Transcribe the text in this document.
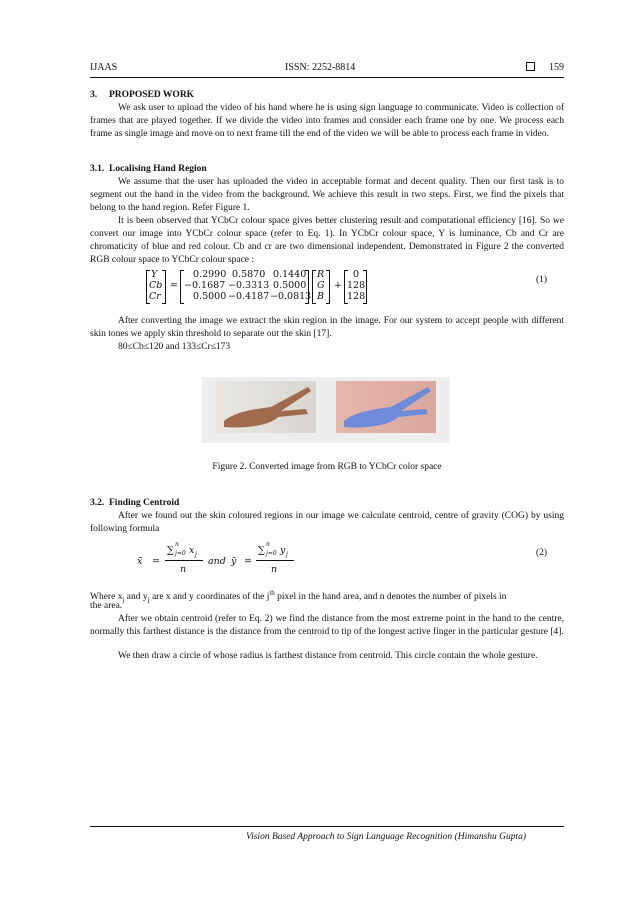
IJAAS	ISSN: 2252-8814	159
3.     PROPOSED WORK
We ask user to upload the video of his hand where he is using sign language to communicate. Video is collection of frames that are played together. If we divide the video into frames and consider each frame one by one. We process each frame as single image and move on to next frame till the end of the video we will be able to process each frame in video.
3.1.  Localising Hand Region
We assume that the user has uploaded the video in acceptable format and decent quality. Then our first task is to segment out the hand in the video from the background. We achieve this result in two steps. First, we find the pixels that belong to the hand region. Refer Figure 1.
It is been observed that YCbCr colour space gives better clustering result and computational efficiency [16]. So we convert our image into YCbCr colour space (refer to Eq. 1). In YCbCr colour space, Y is luminance, Cb and Cr are chromaticity of blue and red colour. Cb and cr are two dimensional independent. Demonstrated in Figure 2 the converted RGB colour space to YCbCr colour space :
Y
Cb
Cr
=
0.2990 0.5870 0.1440
−0.1687 −0.3313 0.5000
0.5000 −0.4187 −0.0813
R
G
B
+
0
128
128
(1)
After converting the image we extract the skin region in the image. For our system to accept people with different skin tones we apply skin threshold to separate out the skin [17].
80≤Cb≤120 and 133≤Cr≤173
Figure 2. Converted image from RGB to YCbCr color space
3.2.  Finding Centroid
After we found out the skin coloured regions in our image we calculate centroid, centre of gravity (COG) by using following formula
x̄ =
∑
n
j=0 x j
n
and ȳ =
∑
n
j=0 y j
n
(2)
Where $x_j$ and $y_j$ are x and y coordinates of the $j^{th}$ pixel in the hand area, and n denotes the number of pixels in
the area.
After we obtain centroid (refer to Eq. 2) we find the distance from the most extreme point in the hand to the centre, normally this farthest distance is the distance from the centroid to tip of the longest active finger in the particular gesture [4].
We then draw a circle of whose radius is farthest distance from centroid. This circle contain the whole gesture.
Vision Based Approach to Sign Language Recognition (Himanshu Gupta)
